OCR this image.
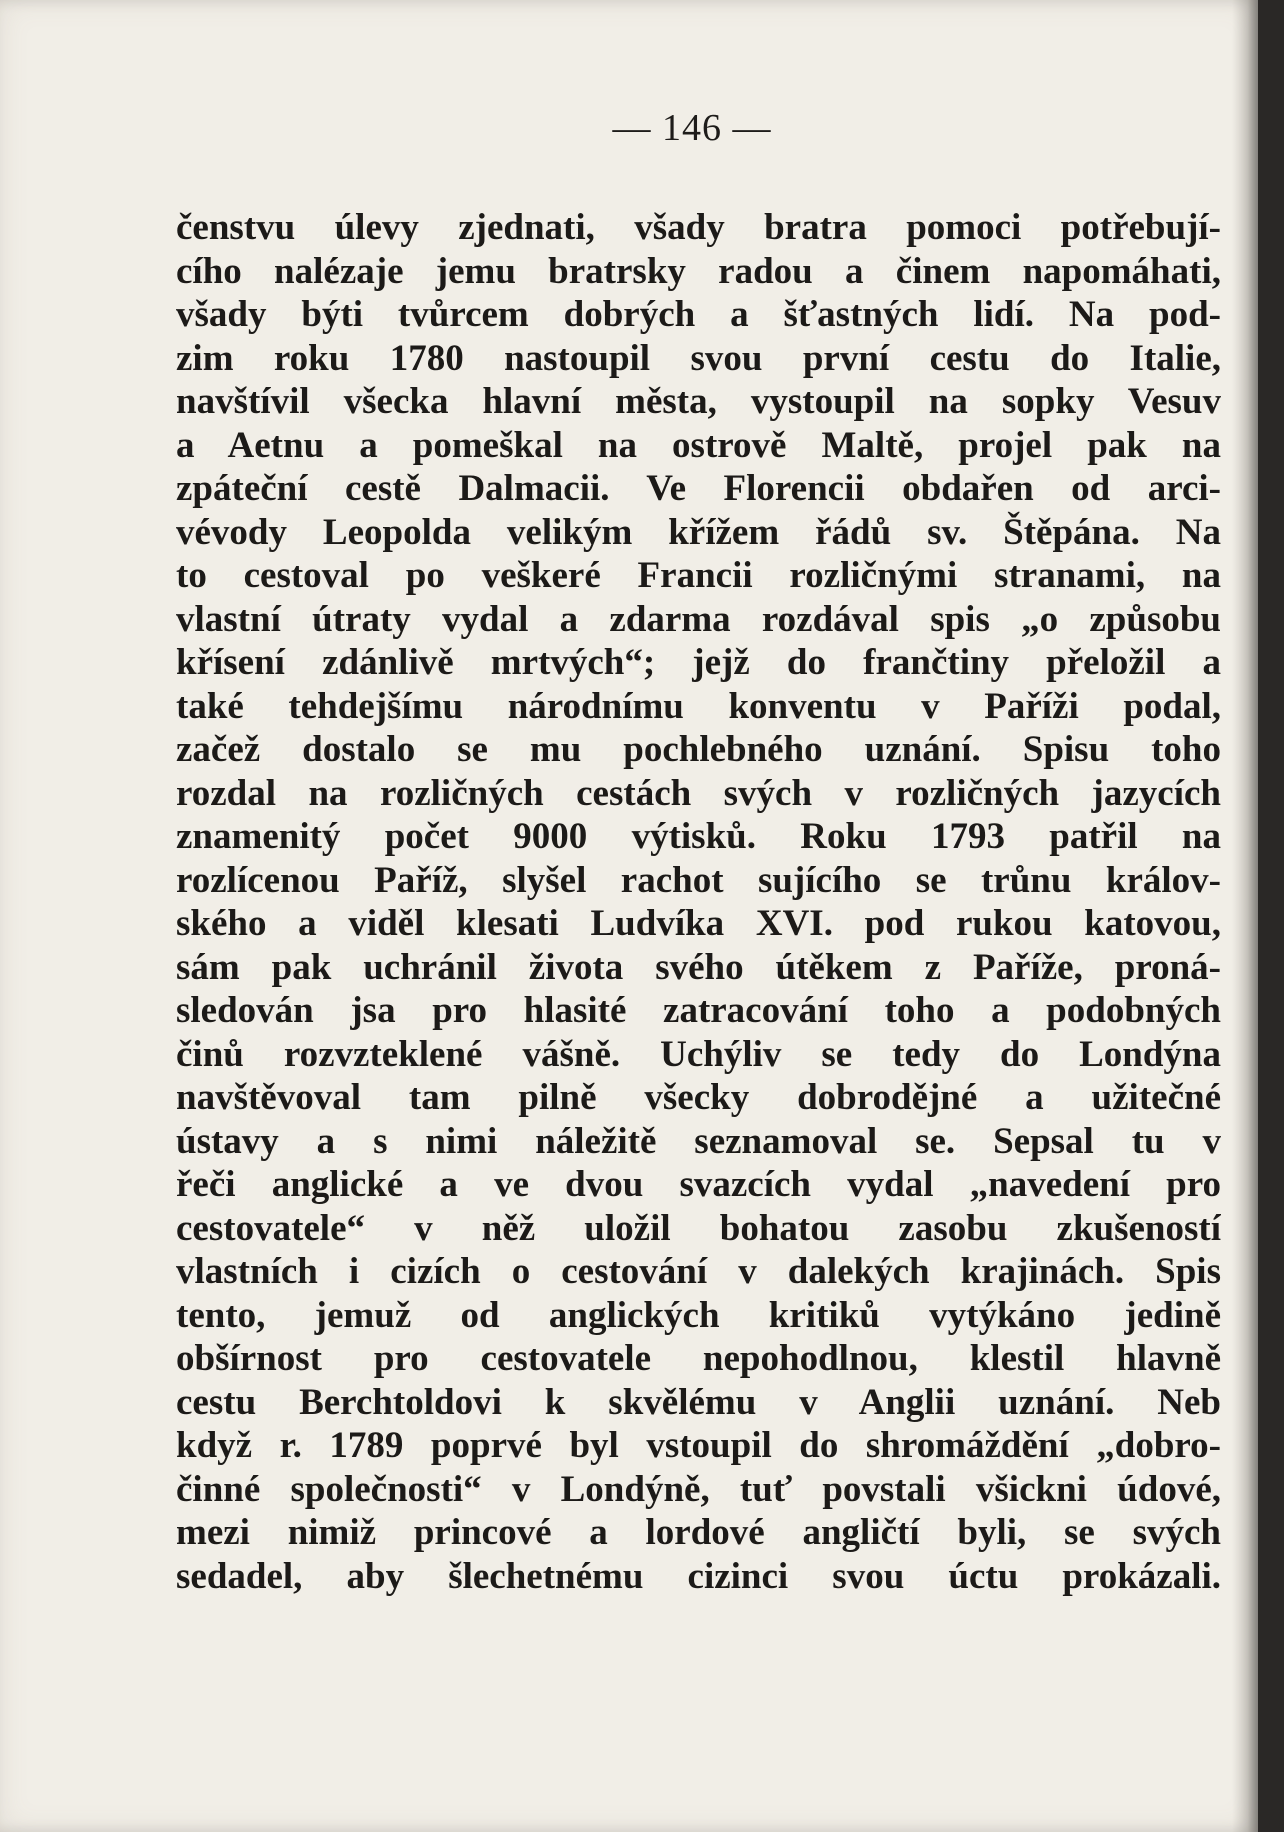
— 146 —
čenstvu úlevy zjednati, všady bratra pomoci potřebují-
cího nalézaje jemu bratrsky radou a činem napomáhati,
všady býti tvůrcem dobrých a šťastných lidí. Na pod-
zim roku 1780 nastoupil svou první cestu do Italie,
navštívil všecka hlavní města, vystoupil na sopky Vesuv
a Aetnu a pomeškal na ostrově Maltě, projel pak na
zpáteční cestě Dalmacii. Ve Florencii obdařen od arci-
vévody Leopolda velikým křížem řádů sv. Štěpána. Na
to cestoval po veškeré Francii rozličnými stranami, na
vlastní útraty vydal a zdarma rozdával spis „o způsobu
křísení zdánlivě mrtvých“; jejž do frančtiny přeložil a
také tehdejšímu národnímu konventu v Paříži podal,
začež dostalo se mu pochlebného uznání. Spisu toho
rozdal na rozličných cestách svých v rozličných jazycích
znamenitý počet 9000 výtisků. Roku 1793 patřil na
rozlícenou Paříž, slyšel rachot sujícího se trůnu králov-
ského a viděl klesati Ludvíka XVI. pod rukou katovou,
sám pak uchránil života svého útěkem z Paříže, proná-
sledován jsa pro hlasité zatracování toho a podobných
činů rozvzteklené vášně. Uchýliv se tedy do Londýna
navštěvoval tam pilně všecky dobrodějné a užitečné
ústavy a s nimi náležitě seznamoval se. Sepsal tu v
řeči anglické a ve dvou svazcích vydal „navedení pro
cestovatele“ v něž uložil bohatou zasobu zkušeností
vlastních i cizích o cestování v dalekých krajinách. Spis
tento, jemuž od anglických kritiků vytýkáno jedině
obšírnost pro cestovatele nepohodlnou, klestil hlavně
cestu Berchtoldovi k skvělému v Anglii uznání. Neb
když r. 1789 poprvé byl vstoupil do shromáždění „dobro-
činné společnosti“ v Londýně, tuť povstali všickni údové,
mezi nimiž princové a lordové angličtí byli, se svých
sedadel, aby šlechetnému cizinci svou úctu prokázali.
